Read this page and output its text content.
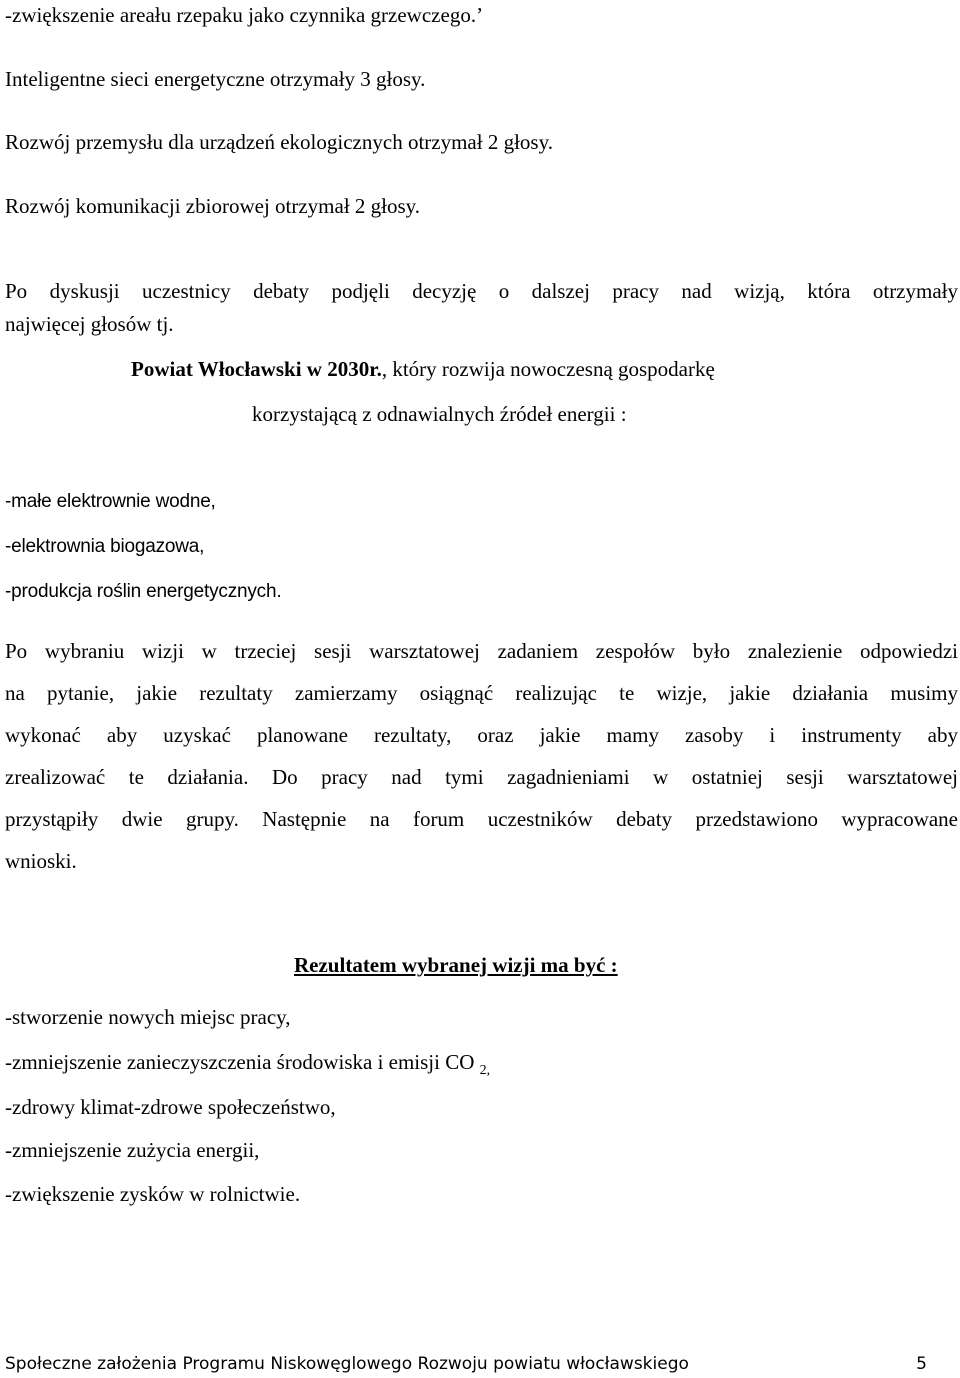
-zwiększenie areału rzepaku jako czynnika grzewczego.’
Inteligentne sieci energetyczne otrzymały 3 głosy.
Rozwój przemysłu dla urządzeń ekologicznych otrzymał 2 głosy.
Rozwój komunikacji zbiorowej otrzymał 2 głosy.
Po dyskusji uczestnicy debaty podjęli decyzję o dalszej pracy nad wizją, która otrzymały
najwięcej głosów tj.
Powiat Włocławski w 2030r., który rozwija nowoczesną gospodarkę
korzystającą z odnawialnych źródeł energii :
-małe elektrownie wodne,
-elektrownia biogazowa,
-produkcja roślin energetycznych.
Po wybraniu wizji w trzeciej sesji warsztatowej zadaniem zespołów było znalezienie odpowiedzi
na pytanie, jakie rezultaty zamierzamy osiągnąć realizując te wizje, jakie działania musimy
wykonać aby uzyskać planowane rezultaty, oraz jakie mamy zasoby i instrumenty aby
zrealizować te działania. Do pracy nad tymi zagadnieniami w ostatniej sesji warsztatowej
przystąpiły dwie grupy. Następnie na forum uczestników debaty przedstawiono wypracowane
wnioski.
Rezultatem wybranej wizji ma być :
-stworzenie nowych miejsc pracy,
-zmniejszenie zanieczyszczenia środowiska i emisji CO $_{2,}$
-zdrowy klimat-zdrowe społeczeństwo,
-zmniejszenie zużycia energii,
-zwiększenie zysków w rolnictwie.
Społeczne założenia Programu Niskowęglowego Rozwoju powiatu włocławskiego	5
